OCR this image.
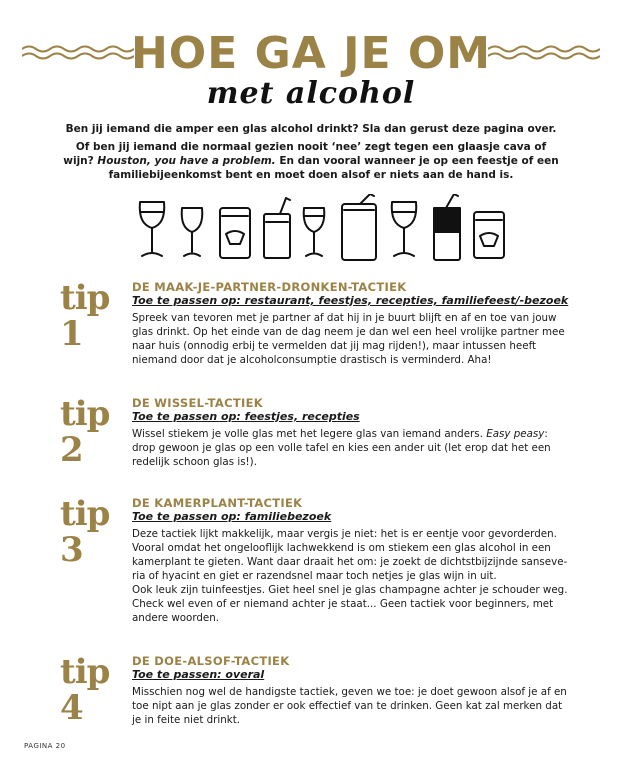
HOE GA JE OM
met alcohol

Ben jij iemand die amper een glas alcohol drinkt? Sla dan gerust deze pagina over.

Of ben jij iemand die normaal gezien nooit ‘nee’ zegt tegen een glaasje cava of wijn? Houston, you have a problem. En dan vooral wanneer je op een feestje of een familiebijeenkomst bent en moet doen alsof er niets aan de hand is.

tip 1
DE MAAK-JE-PARTNER-DRONKEN-TACTIEK
Toe te passen op: restaurant, feestjes, recepties, familiefeest/-bezoek

Spreek van tevoren met je partner af dat hij in je buurt blijft en af en toe van jouw glas drinkt. Op het einde van de dag neem je dan wel een heel vrolijke partner mee naar huis (onnodig erbij te vermelden dat jij mag rijden!), maar intussen heeft niemand door dat je alcoholconsumptie drastisch is verminderd. Aha!

tip 2
DE WISSEL-TACTIEK
Toe te passen op: feestjes, recepties

Wissel stiekem je volle glas met het legere glas van iemand anders. Easy peasy: drop gewoon je glas op een volle tafel en kies een ander uit (let erop dat het een redelijk schoon glas is!).

tip 3
DE KAMERPLANT-TACTIEK
Toe te passen op: familiebezoek

Deze tactiek lijkt makkelijk, maar vergis je niet: het is er eentje voor gevorderden. Vooral omdat het ongelooflijk lachwekkend is om stiekem een glas alcohol in een kamerplant te gieten. Want daar draait het om: je zoekt de dichtstbijzijnde sanseve-ria of hyacint en giet er razendsnel maar toch netjes je glas wijn in uit.

Ook leuk zijn tuinfeestjes. Giet heel snel je glas champagne achter je schouder weg. Check wel even of er niemand achter je staat... Geen tactiek voor beginners, met andere woorden.

tip 4
DE DOE-ALSOF-TACTIEK
Toe te passen: overal

Misschien nog wel de handigste tactiek, geven we toe: je doet gewoon alsof je af en toe nipt aan je glas zonder er ook effectief van te drinken. Geen kat zal merken dat je in feite niet drinkt.

PAGINA 20
